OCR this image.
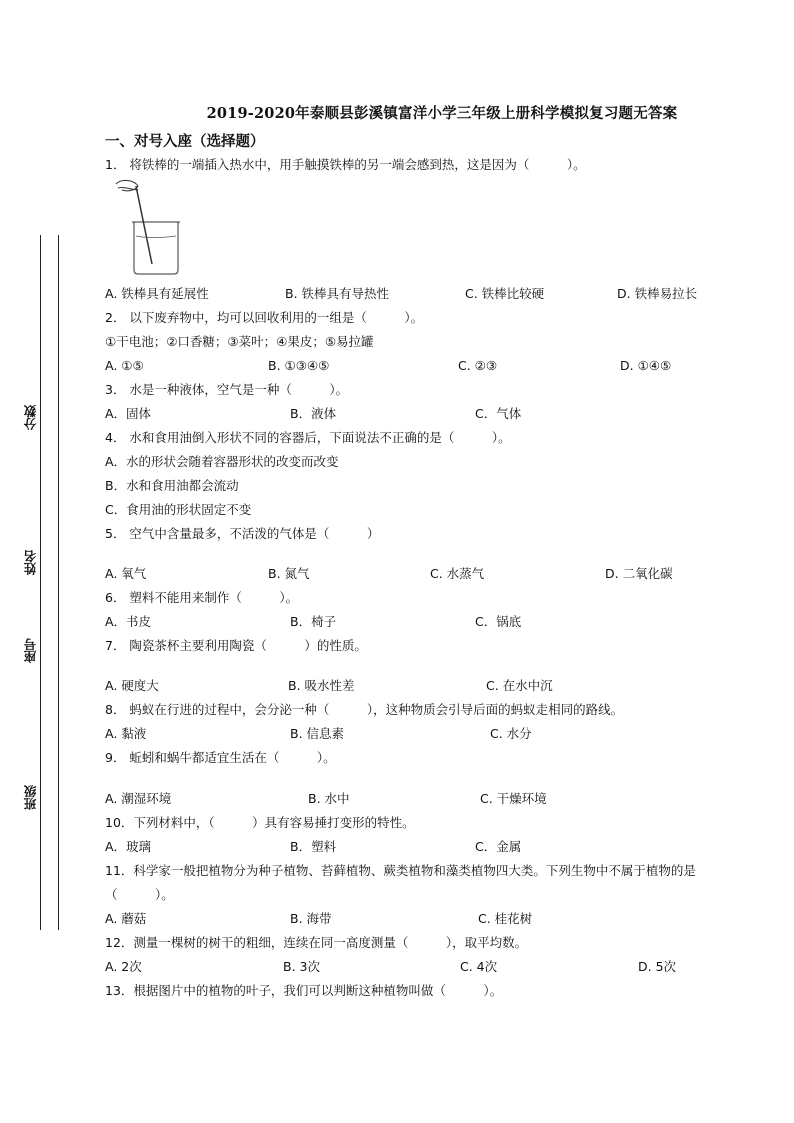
分数
姓名
座号
班级
2019-2020年泰顺县彭溪镇富洋小学三年级上册科学模拟复习题无答案
一、对号入座（选择题）
1． 将铁棒的一端插入热水中，用手触摸铁棒的另一端会感到热，这是因为（　　　）。
A. 铁棒具有延展性	B. 铁棒具有导热性	C. 铁棒比较硬	D. 铁棒易拉长
2． 以下废弃物中，均可以回收利用的一组是（　　　）。
①干电池；②口香糖；③菜叶；④果皮；⑤易拉罐
A. ①⑤	B. ①③④⑤	C. ②③	D. ①④⑤
3． 水是一种液体，空气是一种（　　　）。
A．固体	B．液体	C．气体
4． 水和食用油倒入形状不同的容器后，下面说法不正确的是（　　　）。
A．水的形状会随着容器形状的改变而改变
B．水和食用油都会流动
C．食用油的形状固定不变
5． 空气中含量最多，不活泼的气体是（　　　）
A. 氧气	B. 氮气	C. 水蒸气	D. 二氧化碳
6． 塑料不能用来制作（　　　）。
A．书皮	B．椅子	C．锅底
7． 陶瓷茶杯主要利用陶瓷（　　　）的性质。
A. 硬度大	B. 吸水性差	C. 在水中沉
8． 蚂蚁在行进的过程中，会分泌一种（　　　），这种物质会引导后面的蚂蚁走相同的路线。
A. 黏液	B. 信息素	C. 水分
9． 蚯蚓和蜗牛都适宜生活在（　　　）。
A. 潮湿环境	B. 水中	C. 干燥环境
10．下列材料中，（　　　）具有容易捶打变形的特性。
A．玻璃	B．塑料	C．金属
11．科学家一般把植物分为种子植物、苔藓植物、蕨类植物和藻类植物四大类。下列生物中不属于植物的是
（　　　）。
A. 蘑菇	B. 海带	C. 桂花树
12．测量一棵树的树干的粗细，连续在同一高度测量（　　　），取平均数。
A. 2次	B. 3次	C. 4次	D. 5次
13．根据图片中的植物的叶子，我们可以判断这种植物叫做（　　　）。
